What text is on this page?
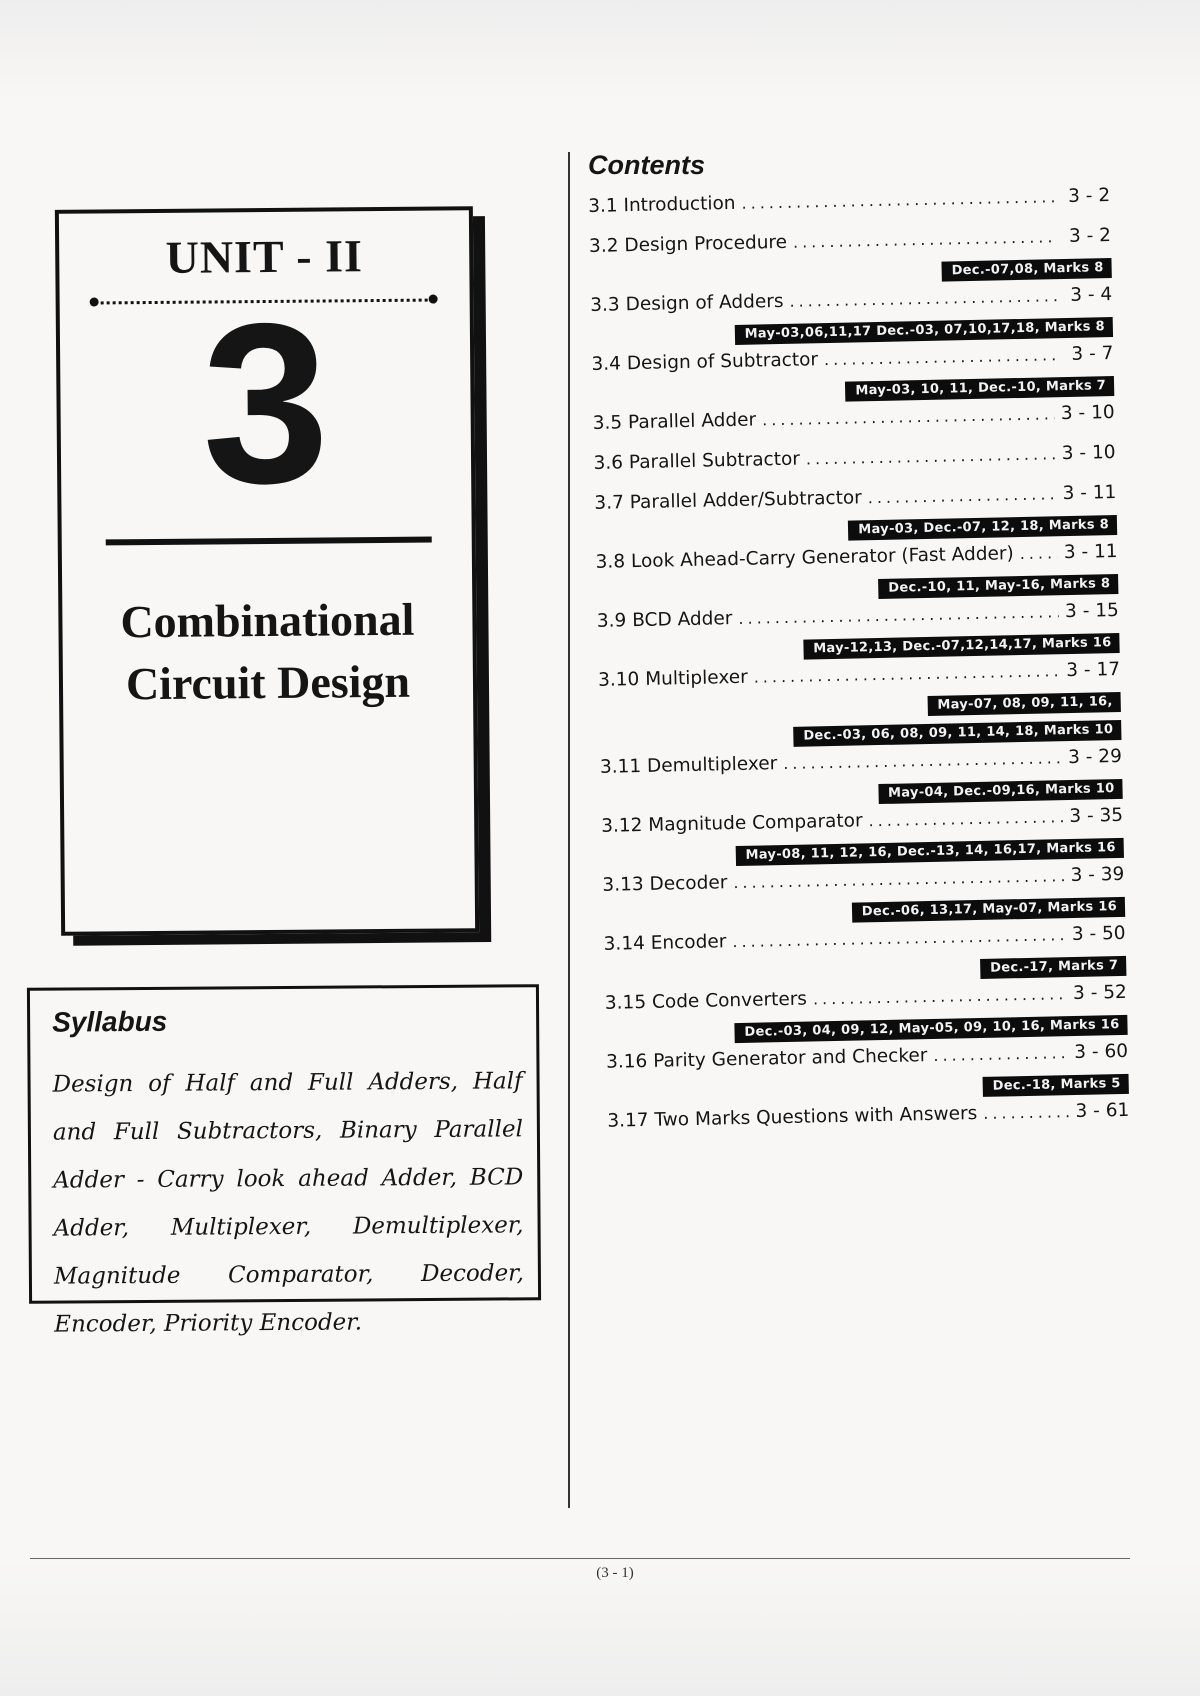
UNIT - II
3
Combinational
Circuit Design
Syllabus
Design of Half and Full Adders, Half and Full Subtractors, Binary Parallel Adder - Carry look ahead Adder, BCD Adder, Multiplexer, Demultiplexer, Magnitude Comparator, Decoder, Encoder, Priority Encoder.
Contents
3.1 Introduction .....	3 - 2
3.2 Design Procedure .....	3 - 2
Dec.-07,08, Marks 8
3.3 Design of Adders .....	3 - 4
May-03,06,11,17 Dec.-03, 07,10,17,18, Marks 8
3.4 Design of Subtractor .....	3 - 7
May-03, 10, 11, Dec.-10, Marks 7
3.5 Parallel Adder .....	3 - 10
3.6 Parallel Subtractor .....	3 - 10
3.7 Parallel Adder/Subtractor .....	3 - 11
May-03, Dec.-07, 12, 18, Marks 8
3.8 Look Ahead-Carry Generator (Fast Adder) .....	3 - 11
Dec.-10, 11, May-16, Marks 8
3.9 BCD Adder .....	3 - 15
May-12,13, Dec.-07,12,14,17, Marks 16
3.10 Multiplexer .....	3 - 17
May-07, 08, 09, 11, 16,
Dec.-03, 06, 08, 09, 11, 14, 18, Marks 10
3.11 Demultiplexer .....	3 - 29
May-04, Dec.-09,16, Marks 10
3.12 Magnitude Comparator .....	3 - 35
May-08, 11, 12, 16, Dec.-13, 14, 16,17, Marks 16
3.13 Decoder .....	3 - 39
Dec.-06, 13,17, May-07, Marks 16
3.14 Encoder .....	3 - 50
Dec.-17, Marks 7
3.15 Code Converters .....	3 - 52
Dec.-03, 04, 09, 12, May-05, 09, 10, 16, Marks 16
3.16 Parity Generator and Checker .....	3 - 60
Dec.-18, Marks 5
3.17 Two Marks Questions with Answers .....	3 - 61
(3 - 1)
